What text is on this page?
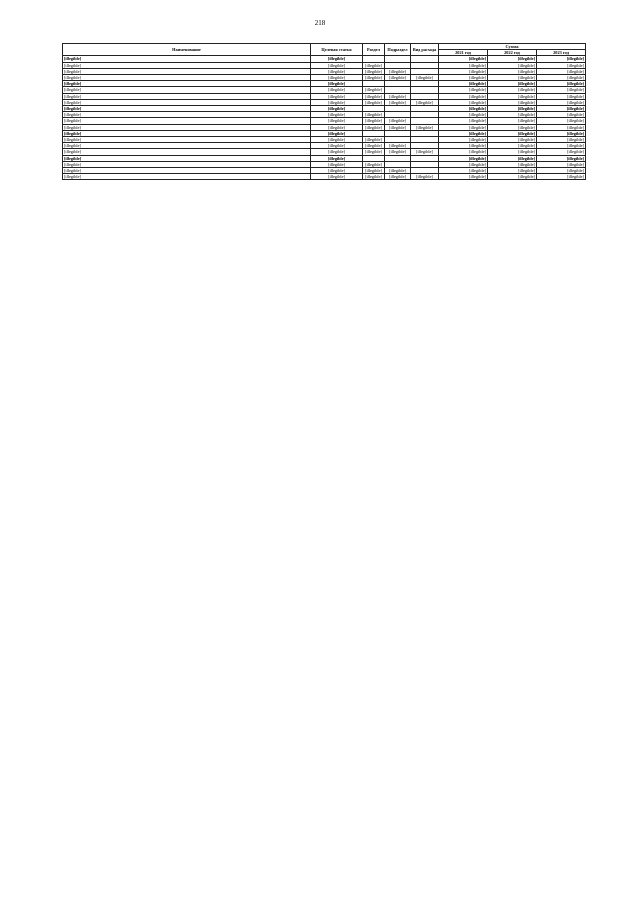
218
Наименование	Целевая статья	Раздел	Подраздел	Вид расхода	Сумма		
					2021 год	2022 год	2023 год
[illegible]	[illegible]				[illegible]	[illegible]	[illegible]
[illegible]	[illegible]	[illegible]			[illegible]	[illegible]	[illegible]
[illegible]	[illegible]	[illegible]	[illegible]		[illegible]	[illegible]	[illegible]
[illegible]	[illegible]	[illegible]	[illegible]	[illegible]	[illegible]	[illegible]	[illegible]
[illegible]	[illegible]				[illegible]	[illegible]	[illegible]
[illegible]	[illegible]	[illegible]			[illegible]	[illegible]	[illegible]
[illegible]	[illegible]	[illegible]	[illegible]		[illegible]	[illegible]	[illegible]
[illegible]	[illegible]	[illegible]	[illegible]	[illegible]	[illegible]	[illegible]	[illegible]
[illegible]	[illegible]				[illegible]	[illegible]	[illegible]
[illegible]	[illegible]	[illegible]			[illegible]	[illegible]	[illegible]
[illegible]	[illegible]	[illegible]	[illegible]		[illegible]	[illegible]	[illegible]
[illegible]	[illegible]	[illegible]	[illegible]	[illegible]	[illegible]	[illegible]	[illegible]
[illegible]	[illegible]				[illegible]	[illegible]	[illegible]
[illegible]	[illegible]	[illegible]			[illegible]	[illegible]	[illegible]
[illegible]	[illegible]	[illegible]	[illegible]		[illegible]	[illegible]	[illegible]
[illegible]	[illegible]	[illegible]	[illegible]	[illegible]	[illegible]	[illegible]	[illegible]
[illegible]	[illegible]				[illegible]	[illegible]	[illegible]
[illegible]	[illegible]	[illegible]			[illegible]	[illegible]	[illegible]
[illegible]	[illegible]	[illegible]	[illegible]		[illegible]	[illegible]	[illegible]
[illegible]	[illegible]	[illegible]	[illegible]	[illegible]	[illegible]	[illegible]	[illegible]
